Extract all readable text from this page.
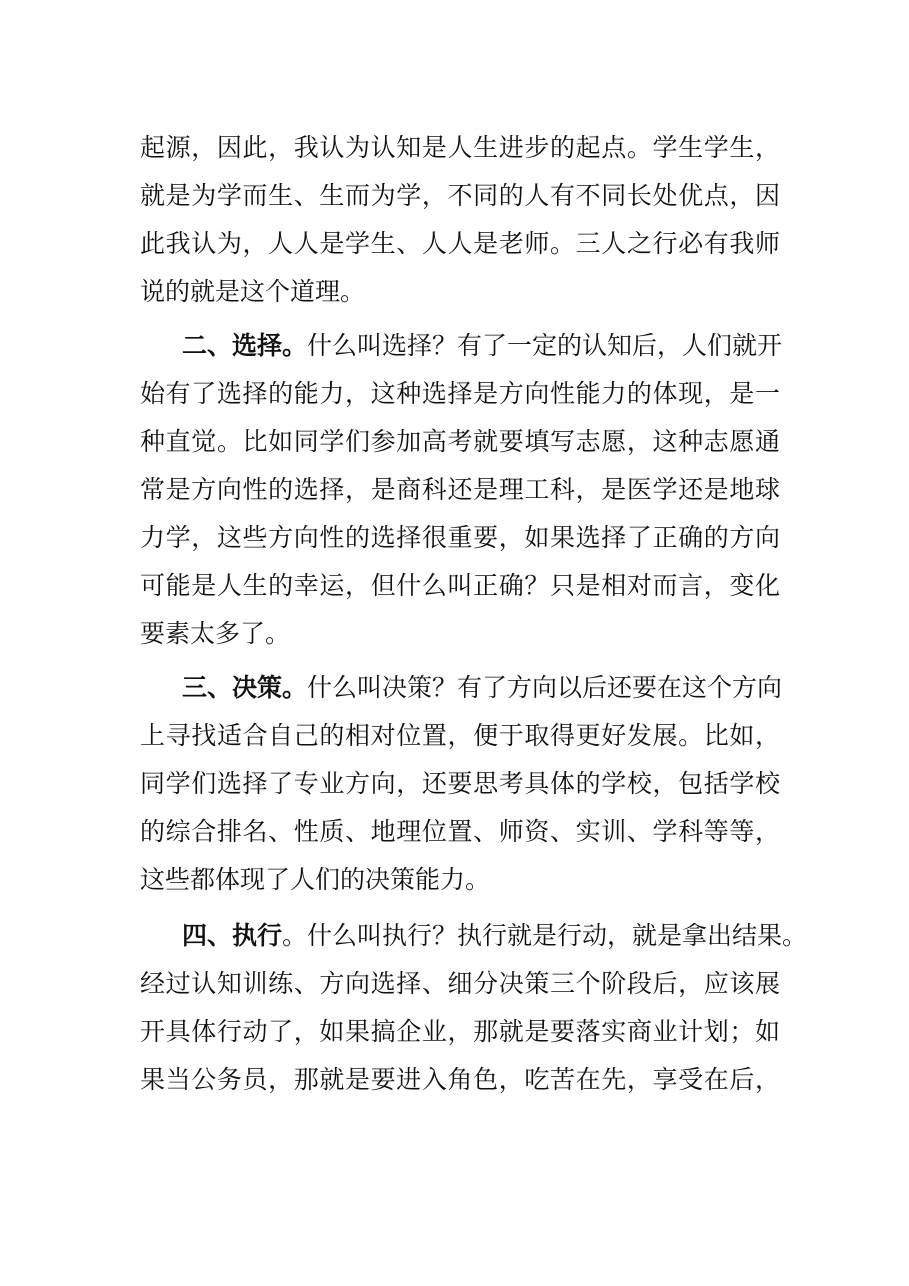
起源，因此，我认为认知是人生进步的起点。学生学生，
就是为学而生、生而为学，不同的人有不同长处优点，因
此我认为，人人是学生、人人是老师。三人之行必有我师
说的就是这个道理。
二、选择。什么叫选择？有了一定的认知后，人们就开
始有了选择的能力，这种选择是方向性能力的体现，是一
种直觉。比如同学们参加高考就要填写志愿，这种志愿通
常是方向性的选择，是商科还是理工科，是医学还是地球
力学，这些方向性的选择很重要，如果选择了正确的方向
可能是人生的幸运，但什么叫正确？只是相对而言，变化
要素太多了。
三、决策。什么叫决策？有了方向以后还要在这个方向
上寻找适合自己的相对位置，便于取得更好发展。比如，
同学们选择了专业方向，还要思考具体的学校，包括学校
的综合排名、性质、地理位置、师资、实训、学科等等，
这些都体现了人们的决策能力。
四、执行。什么叫执行？执行就是行动，就是拿出结果。
经过认知训练、方向选择、细分决策三个阶段后，应该展
开具体行动了，如果搞企业，那就是要落实商业计划；如
果当公务员，那就是要进入角色，吃苦在先，享受在后，
